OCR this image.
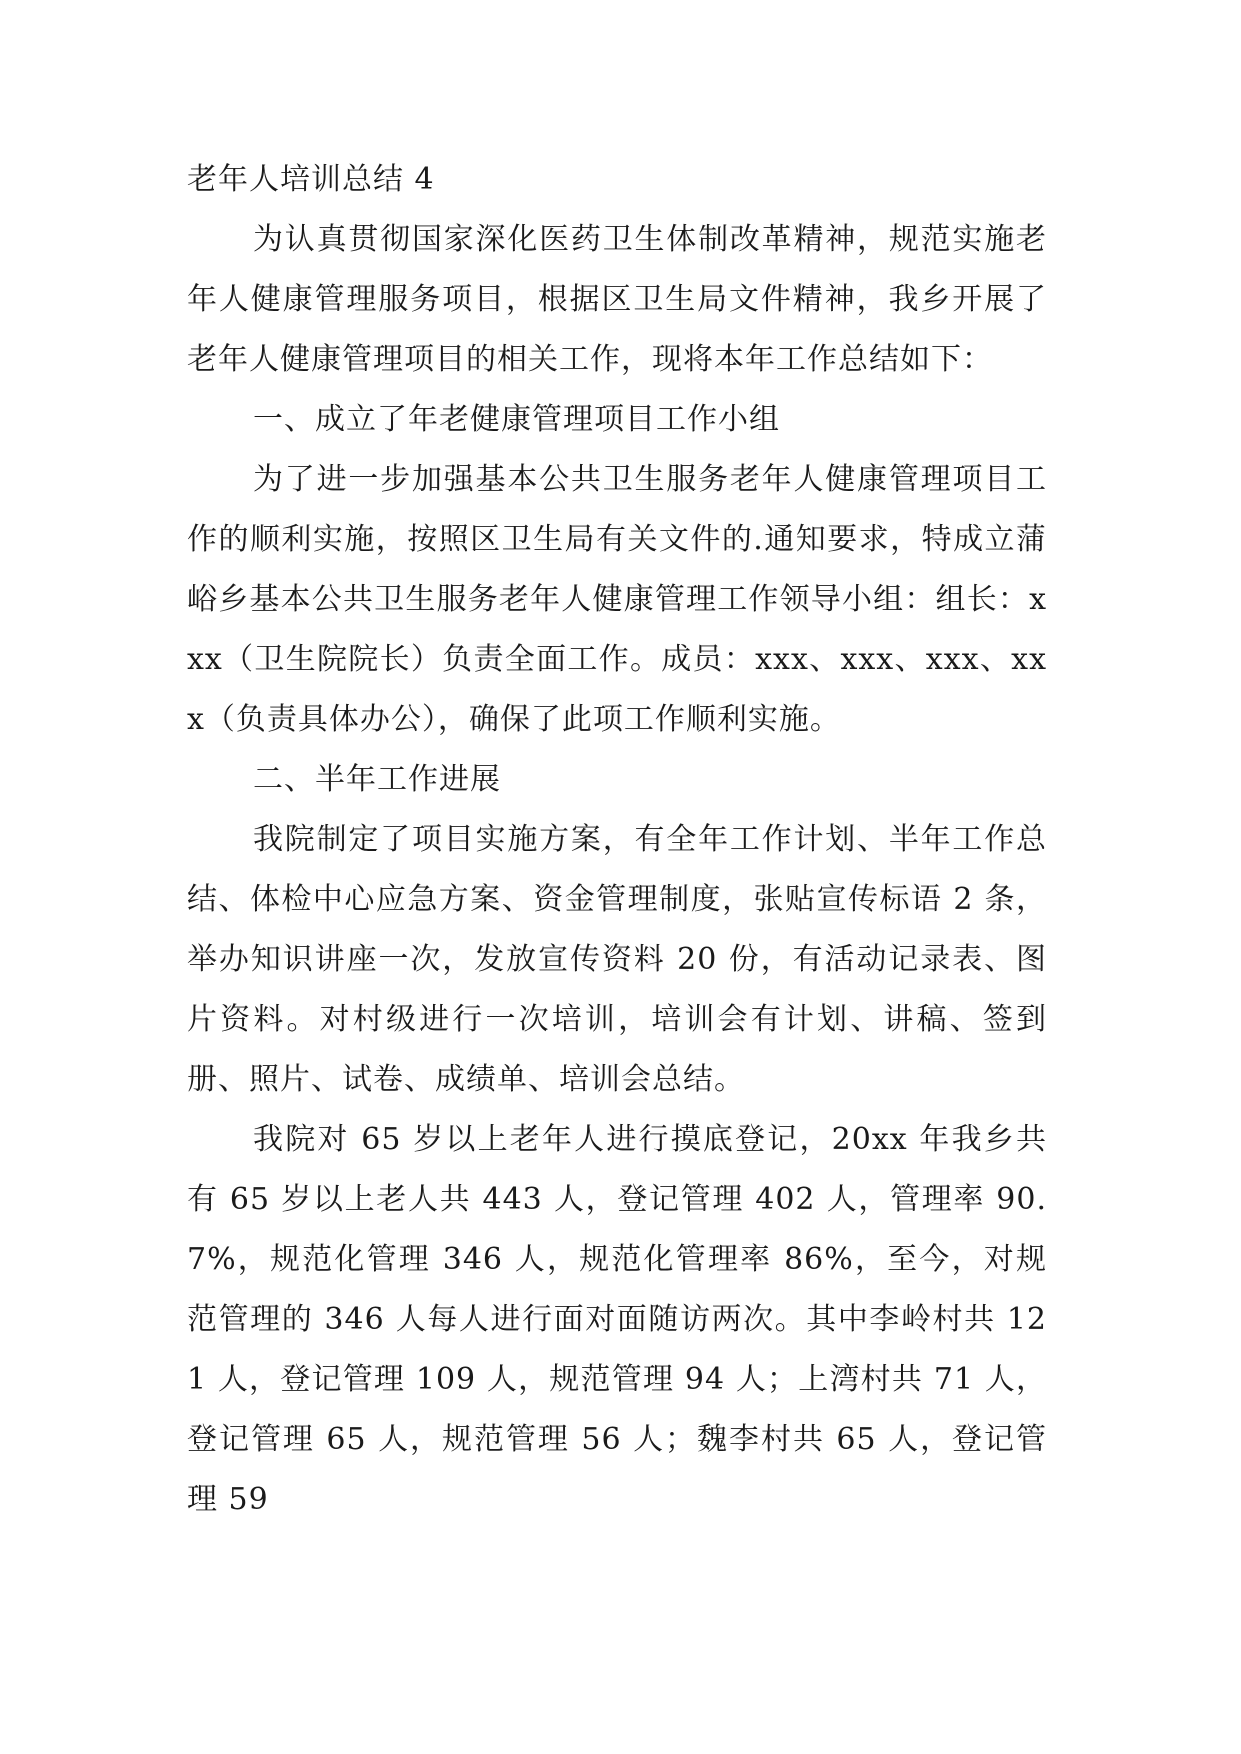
老年人培训总结 4

为认真贯彻国家深化医药卫生体制改革精神，规范实施老年人健康管理服务项目，根据区卫生局文件精神，我乡开展了老年人健康管理项目的相关工作，现将本年工作总结如下：

一、成立了年老健康管理项目工作小组

为了进一步加强基本公共卫生服务老年人健康管理项目工作的顺利实施，按照区卫生局有关文件的.通知要求，特成立蒲峪乡基本公共卫生服务老年人健康管理工作领导小组：组长：xxx（卫生院院长）负责全面工作。成员：xxx、xxx、xxx、xxx（负责具体办公），确保了此项工作顺利实施。

二、半年工作进展

我院制定了项目实施方案，有全年工作计划、半年工作总结、体检中心应急方案、资金管理制度，张贴宣传标语 2 条，举办知识讲座一次，发放宣传资料 20 份，有活动记录表、图片资料。对村级进行一次培训，培训会有计划、讲稿、签到册、照片、试卷、成绩单、培训会总结。

我院对 65 岁以上老年人进行摸底登记，20xx 年我乡共有 65 岁以上老人共 443 人，登记管理 402 人，管理率 90.7%，规范化管理 346 人，规范化管理率 86%，至今，对规范管理的 346 人每人进行面对面随访两次。其中李岭村共 121 人，登记管理 109 人，规范管理 94 人；上湾村共 71 人，登记管理 65 人，规范管理 56 人；魏李村共 65 人，登记管理 59
